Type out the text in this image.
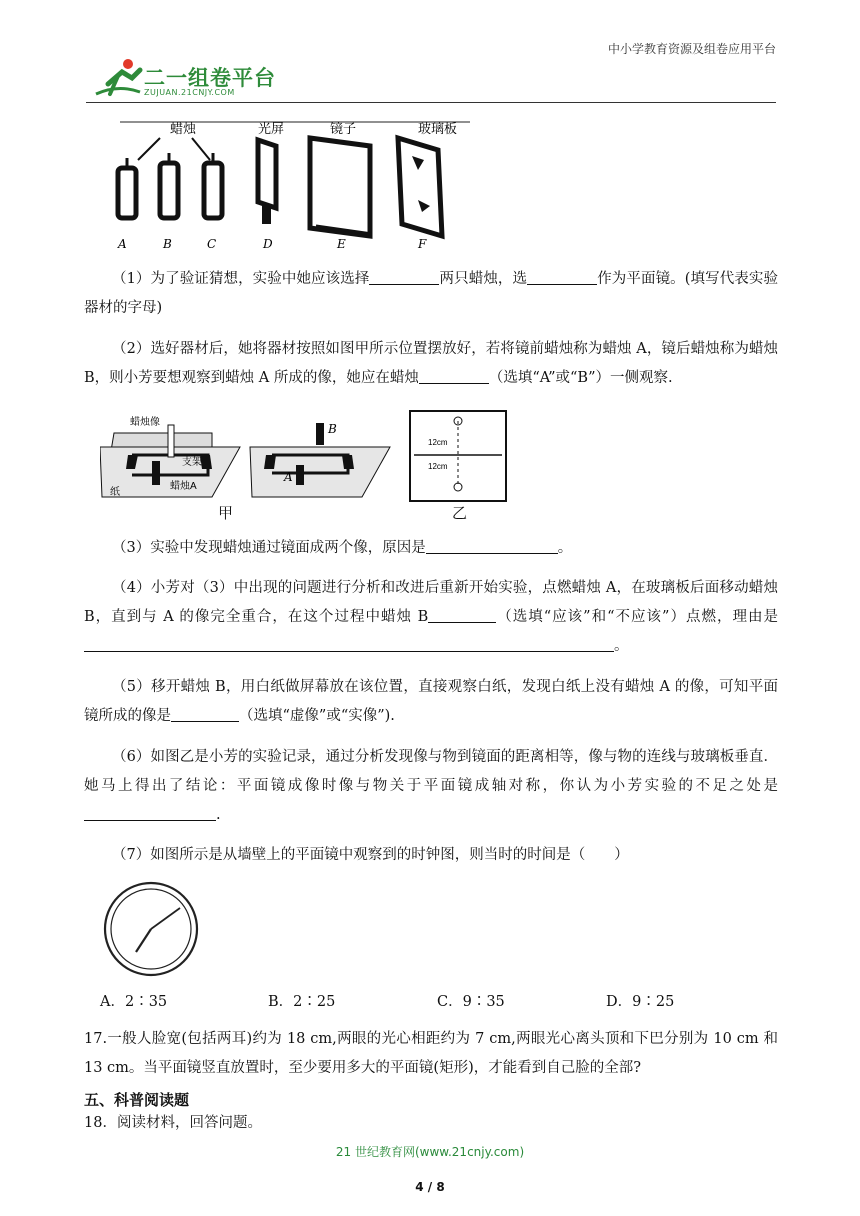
中小学教育资源及组卷应用平台
二一组卷平台
ZUJUAN.21CNJY.COM
蜡烛	光屏	镜子	玻璃板
A	B	C	D	E	F
（1）为了验证猜想，实验中她应该选择	两只蜡烛，选	作为平面镜。(填写代表实验器材的字母)
（2）选好器材后，她将器材按照如图甲所示位置摆放好，若将镜前蜡烛称为蜡烛 A，镜后蜡烛称为蜡烛 B，则小芳要想观察到蜡烛 A 所成的像，她应在蜡烛	（选填“A”或“B”）一侧观察.
蜡烛像
支架
蜡烛A
纸
B
A
12cm
12cm
甲	乙
（3）实验中发现蜡烛通过镜面成两个像，原因是	。
（4）小芳对（3）中出现的问题进行分析和改进后重新开始实验，点燃蜡烛 A，在玻璃板后面移动蜡烛 B，直到与 A 的像完全重合，在这个过程中蜡烛 B	（选填“应该”和“不应该”）点燃，理由是。
（5）移开蜡烛 B，用白纸做屏幕放在该位置，直接观察白纸，发现白纸上没有蜡烛 A 的像，可知平面镜所成的像是	（选填“虚像”或“实像”).
（6）如图乙是小芳的实验记录，通过分析发现像与物到镜面的距离相等，像与物的连线与玻璃板垂直．她马上得出了结论：平面镜成像时像与物关于平面镜成轴对称，你认为小芳实验的不足之处是.
（7）如图所示是从墙壁上的平面镜中观察到的时钟图，则当时的时间是（　　）
A．2∶35	B．2∶25	C．9∶35	D．9∶25
17.一般人脸宽(包括两耳)约为 18 cm,两眼的光心相距约为 7 cm,两眼光心离头顶和下巴分别为 10 cm 和 13 cm。当平面镜竖直放置时，至少要用多大的平面镜(矩形)，才能看到自己脸的全部?
五、科普阅读题
18．阅读材料，回答问题。
21 世纪教育网(www.21cnjy.com)
4 / 8
